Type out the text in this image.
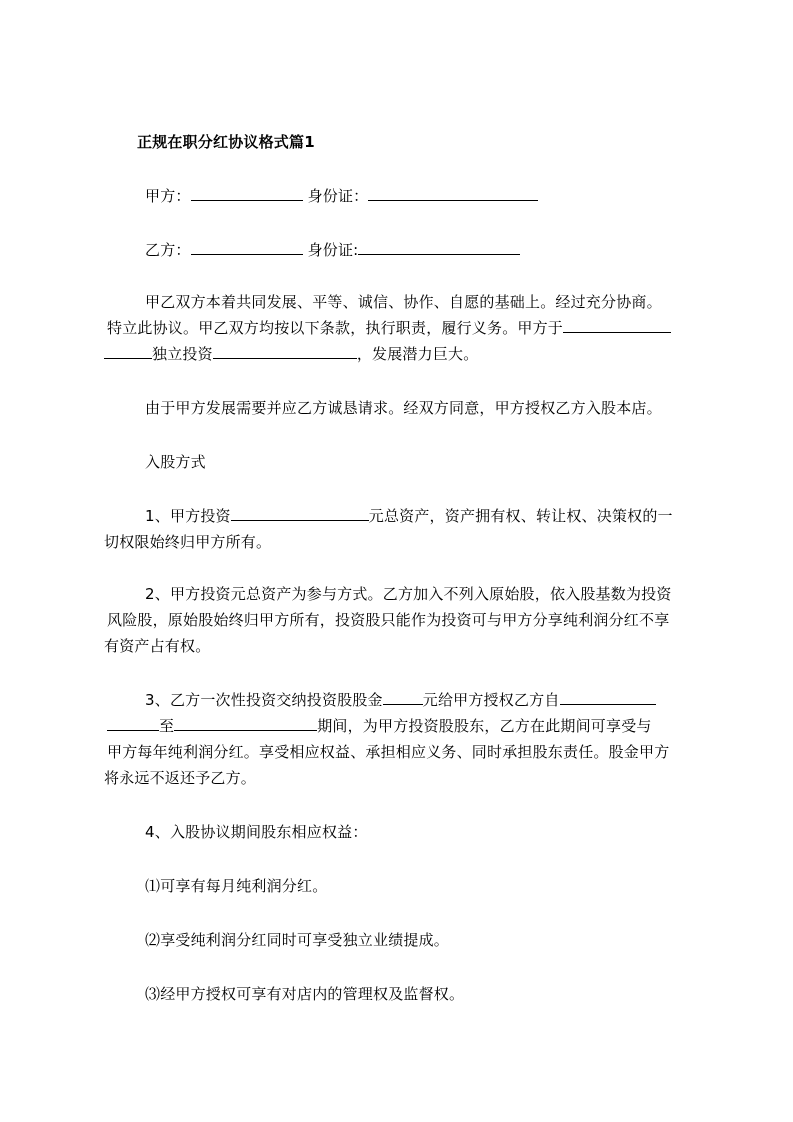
正规在职分红协议格式篇1
甲方：	身份证：
乙方：	身份证:
甲乙双方本着共同发展、平等、诚信、协作、自愿的基础上。经过充分协商。
特立此协议。甲乙双方均按以下条款，执行职责，履行义务。甲方于
独立投资	，发展潜力巨大。
由于甲方发展需要并应乙方诚恳请求。经双方同意，甲方授权乙方入股本店。
入股方式
1、甲方投资	元总资产，资产拥有权、转让权、决策权的一
切权限始终归甲方所有。
2、甲方投资元总资产为参与方式。乙方加入不列入原始股，依入股基数为投资
风险股，原始股始终归甲方所有，投资股只能作为投资可与甲方分享纯利润分红不享
有资产占有权。
3、乙方一次性投资交纳投资股股金	元给甲方授权乙方自
至	期间，为甲方投资股股东，乙方在此期间可享受与
甲方每年纯利润分红。享受相应权益、承担相应义务、同时承担股东责任。股金甲方
将永远不返还予乙方。
4、入股协议期间股东相应权益：
⑴可享有每月纯利润分红。
⑵享受纯利润分红同时可享受独立业绩提成。
⑶经甲方授权可享有对店内的管理权及监督权。
